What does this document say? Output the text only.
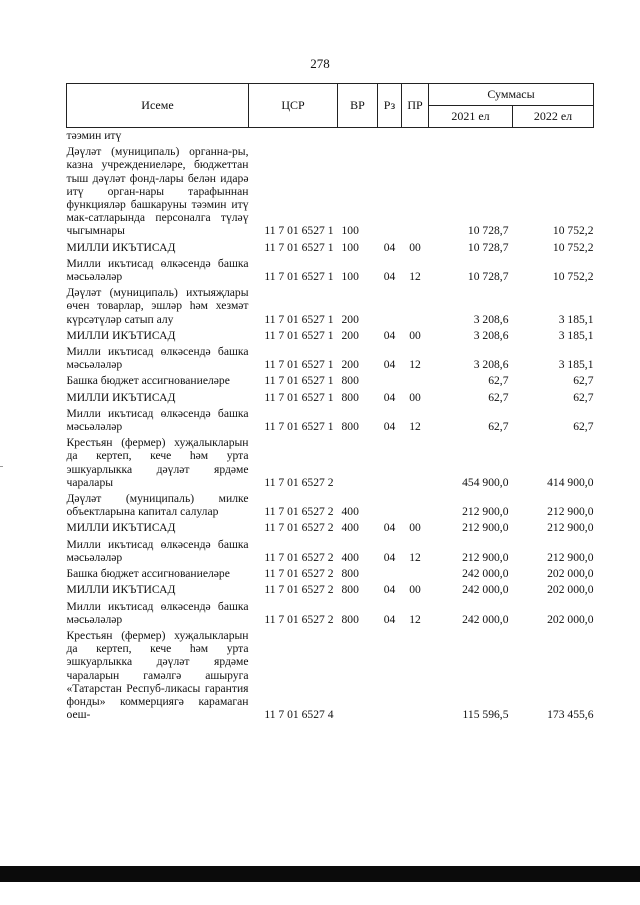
278
Исеме	ЦСР	ВР	Рз	ПР	Суммасы	
					2021 ел	2022 ел
тәэмин итү						
Дәүләт (муниципаль) органна-ры, казна учреждениеләре, бюджеттан тыш дәүләт фонд-лары белән идарә итү орган-нары тарафыннан функцияләр башкаруны тәэмин итү мак-сатларында персоналга түләү чыгымнары	11 7 01 6527 1	100			10 728,7	10 752,2
МИЛЛИ ИКЪТИСАД	11 7 01 6527 1	100	04	00	10 728,7	10 752,2
Милли икътисад өлкәсендә башка мәсьәләләр	11 7 01 6527 1	100	04	12	10 728,7	10 752,2
Дәүләт (муниципаль) ихтыяҗлары өчен товарлар, эшләр һәм хезмәт күрсәтүләр сатып алу	11 7 01 6527 1	200			3 208,6	3 185,1
МИЛЛИ ИКЪТИСАД	11 7 01 6527 1	200	04	00	3 208,6	3 185,1
Милли икътисад өлкәсендә башка мәсьәләләр	11 7 01 6527 1	200	04	12	3 208,6	3 185,1
Башка бюджет ассигнованиеләре	11 7 01 6527 1	800			62,7	62,7
МИЛЛИ ИКЪТИСАД	11 7 01 6527 1	800	04	00	62,7	62,7
Милли икътисад өлкәсендә башка мәсьәләләр	11 7 01 6527 1	800	04	12	62,7	62,7
Крестьян (фермер) хуҗалыкларын да кертеп, кече һәм урта эшкуарлыкка дәүләт ярдәме чаралары	11 7 01 6527 2				454 900,0	414 900,0
Дәүләт (муниципаль) милке объектларына капитал салулар	11 7 01 6527 2	400			212 900,0	212 900,0
МИЛЛИ ИКЪТИСАД	11 7 01 6527 2	400	04	00	212 900,0	212 900,0
Милли икътисад өлкәсендә башка мәсьәләләр	11 7 01 6527 2	400	04	12	212 900,0	212 900,0
Башка бюджет ассигнованиеләре	11 7 01 6527 2	800			242 000,0	202 000,0
МИЛЛИ ИКЪТИСАД	11 7 01 6527 2	800	04	00	242 000,0	202 000,0
Милли икътисад өлкәсендә башка мәсьәләләр	11 7 01 6527 2	800	04	12	242 000,0	202 000,0
Крестьян (фермер) хуҗалыкларын да кертеп, кече һәм урта эшкуарлыкка дәүләт ярдәме чараларын гамәлгә ашыруга «Татарстан Респуб-ликасы гарантия фонды» коммерциягә карамаган оеш-	11 7 01 6527 4				115 596,5	173 455,6
